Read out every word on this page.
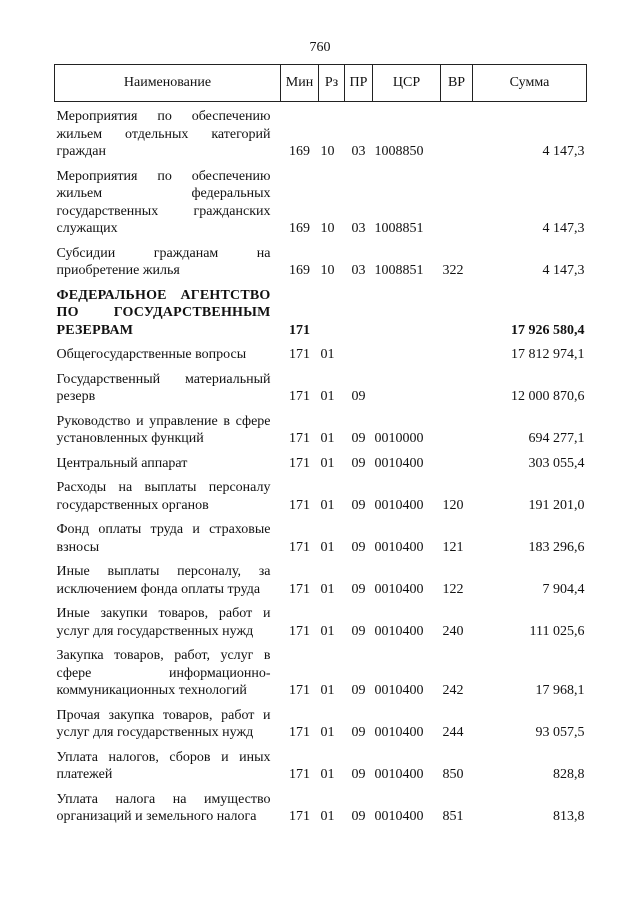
760
Наименование	Мин	Рз	ПР	ЦСР	ВР	Сумма
Мероприятия по обеспечению жильем отдельных категорий граждан	169	10	03	1008850		4 147,3
Мероприятия по обеспечению жильем федеральных государственных гражданских служащих	169	10	03	1008851		4 147,3
Субсидии гражданам на приобретение жилья	169	10	03	1008851	322	4 147,3
ФЕДЕРАЛЬНОЕ АГЕНТСТВО ПО ГОСУДАРСТВЕННЫМ РЕЗЕРВАМ	171					17 926 580,4
Общегосударственные вопросы	171	01				17 812 974,1
Государственный материальный резерв	171	01	09			12 000 870,6
Руководство и управление в сфере установленных функций	171	01	09	0010000		694 277,1
Центральный аппарат	171	01	09	0010400		303 055,4
Расходы на выплаты персоналу государственных органов	171	01	09	0010400	120	191 201,0
Фонд оплаты труда и страховые взносы	171	01	09	0010400	121	183 296,6
Иные выплаты персоналу, за исключением фонда оплаты труда	171	01	09	0010400	122	7 904,4
Иные закупки товаров, работ и услуг для государственных нужд	171	01	09	0010400	240	111 025,6
Закупка товаров, работ, услуг в сфере информационно-коммуникационных технологий	171	01	09	0010400	242	17 968,1
Прочая закупка товаров, работ и услуг для государственных нужд	171	01	09	0010400	244	93 057,5
Уплата налогов, сборов и иных платежей	171	01	09	0010400	850	828,8
Уплата налога на имущество организаций и земельного налога	171	01	09	0010400	851	813,8
